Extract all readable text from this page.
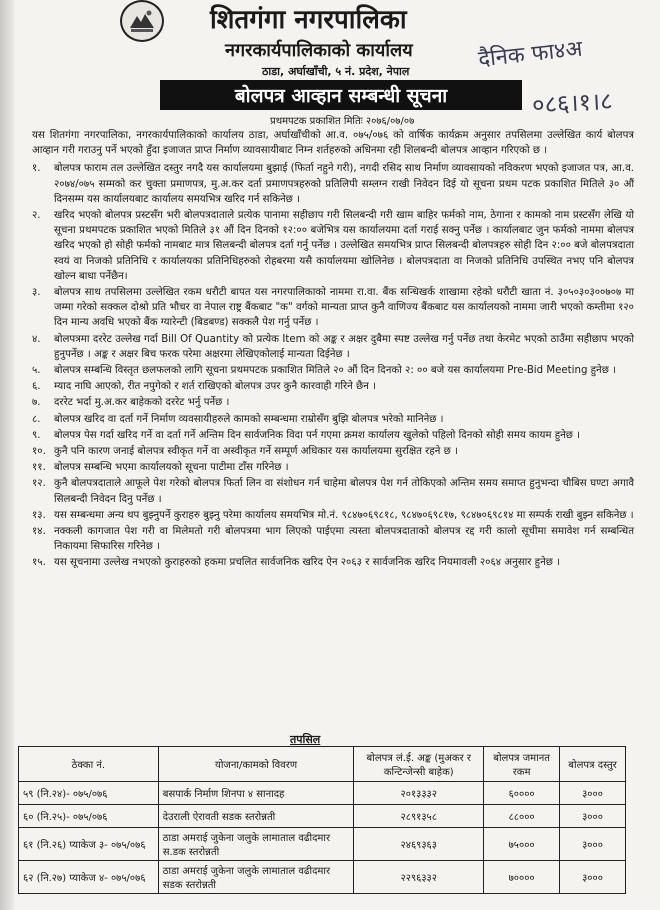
शितगंगा नगरपालिका
नगरकार्यपालिकाको कार्यालय
ठाडा, अर्घाखाँची, ५ नं. प्रदेश, नेपाल	दैनिक फा४अ
०८६।१।८
बोलपत्र आव्हान सम्बन्धी सूचना
प्रथमपटक प्रकाशित मितिः २०७६/०७/०७

यस शितगंगा नगरपालिका, नगरकार्यपालिकाको कार्यालय ठाडा, अर्घाखाँचीको आ.व. ०७५/०७६ को वार्षिक कार्यक्रम अनुसार तपसिलमा उल्लेखित कार्य बोलपत्र आव्हान गरी गराउनु पर्ने भएको हुँदा इजाजत प्राप्त निर्माण व्यावसायीबाट निम्न शर्तहरुको अधिनमा रही शिलबन्दी बोलपत्र आव्हान गरिएको छ ।

१.	बोलपत्र फाराम तल उल्लेखित दस्तुर नगदै यस कार्यालयमा बुझाई (फिर्ता नहुने गरी), नगदी रसिद साथ निर्माण व्यावसायको नविकरण भएको इजाजत पत्र, आ.व. २०७४/०७५ सम्मको कर चुक्ता प्रमाणपत्र, मु.अ.कर दर्ता प्रमाणपत्रहरुको प्रतिलिपी सम्लग्न राखी निवेदन दिई यो सूचना प्रथम पटक प्रकाशित मितिले ३० औं दिनसम्म यस कार्यालयबाट कार्यालय समयभित्र खरिद गर्न सकिनेछ ।
२.	खरिद भएको बोलपत्र प्रस्टसँग भरी बोलपत्रदाताले प्रत्येक पानामा सहीछाप गरी सिलबन्दी गरी खाम बाहिर फर्मको नाम, ठेगाना र कामको नाम प्रस्टसँग लेखि यो सूचना प्रथमपटक प्रकाशित भएको मितिले ३१ औं दिन दिनको १२:०० बजेभित्र यस कार्यालयमा दर्ता गराई सक्नु पर्नेछ । कार्यालबाट जुन फर्मको नाममा बोलपत्र खरिद भएको हो सोही फर्मको नामबाट मात्र सिलबन्दी बोलपत्र दर्ता गर्नु पर्नेछ । उल्लेखित समयभित्र प्राप्त सिलबन्दी बोलपत्रहरु सोही दिन २:०० बजे बोलपत्रदाता स्वयं वा निजको प्रतिनिधि र कार्यालयका प्रतिनिधिहरुको रोहबरमा यसै कार्यालयमा खोलिनेछ । बोलपत्रदाता वा निजको प्रतिनिधि उपस्थित नभए पनि बोलपत्र खोल्न बाधा पर्नेछैन।
३.	बोलपत्र साथ तपसिलमा उल्लेखित रकम धरौटी बापत यस नगरपालिकाको नाममा रा.वा. बैंक सन्धिखर्क शाखामा रहेको धरौटी खाता नं. ३०५०३०३००७०७ मा जम्मा गरेको सक्कल दोश्रो प्रति भौचर वा नेपाल राष्ट्र बैंकबाट "क" वर्गको मान्यता प्राप्त कुनै वाणिज्य बैंकबाट यस कार्यालयको नाममा जारी भएको कम्तीमा १२० दिन मान्य अवधि भएको बैंक ग्यारेन्टी (बिडबण्ड) सक्कलै पेश गर्नु पर्नेछ ।
४.	बोलपत्रमा दररेट उल्लेख गर्दा Bill Of Quantity को प्रत्येक Item को अङ्क र अक्षर दुबैमा स्पष्ट उल्लेख गर्नु पर्नेछ तथा केरमेट भएको ठाउँमा सहीछाप भएको हुनुपर्नेछ । अङ्क र अक्षर बिच फरक परेमा अक्षरमा लेखिएकोलाई मान्यता दिईनेछ ।
५.	बोलपत्र सम्बन्धि विस्तृत छलफलको लागि सूचना प्रथमपटक प्रकाशित मितिले २० औं दिन दिनको २: ०० बजे यस कार्यालयमा Pre-Bid Meeting हुनेछ ।
६.	म्याद नाघि आएको, रीत नपुगेको र शर्त राखिएको बोलपत्र उपर कुनै कारवाही गरिने छैन ।
७.	दररेट भर्दा मु.अ.कर बाहेकको दररेट भर्नु पर्नेछ ।
८.	बोलपत्र खरिद वा दर्ता गर्ने निर्माण व्यवसायीहरुले कामको सम्बन्धमा राम्रोसँग बुझि बोलपत्र भरेको मानिनेछ ।
९.	बोलपत्र पेस गर्दा खरिद गर्ने वा दर्ता गर्ने अन्तिम दिन सार्वजनिक विदा पर्न गएमा क्रमश कार्यालय खुलेको पहिलो दिनको सोही समय कायम हुनेछ ।
१०. कुनै पनि कारण जनाई बोलपत्र स्वीकृत गर्ने वा अस्वीकृत गर्ने सम्पूर्ण अधिकार यस कार्यालयमा सुरक्षित रहने छ ।
११. बोलपत्र सम्बन्धि भएमा कार्यालयको सूचना पाटीमा टाँस गरिनेछ ।
१२. कुनै बोलपत्रदाताले आफूले पेश गरेको बोलपत्र फिर्ता लिन वा संशोधन गर्न चाहेमा बोलपत्र पेश गर्न तोकिएको अन्तिम समय समाप्त हुनुभन्दा चौबिस घण्टा अगावै सिलबन्दी निवेदन दिनु पर्नेछ ।
१३. यस सम्बन्धमा अन्य थप बुझ्नुपर्ने कुराहरु बुझ्नु परेमा कार्यालय समयभित्र मो.नं. ९८४७०६९८१८, ९८४७०६९८१७, ९८४७०६९८१४ मा सम्पर्क राखी बुझ्न सकिनेछ ।
१४. नक्कली कागजात पेश गरी वा मिलेमतो गरी बोलपत्रमा भाग लिएको पाईएमा त्यस्ता बोलपत्रदाताको बोलपत्र रद्द गरी कालो सूचीमा समावेश गर्न सम्बन्धित निकायमा सिफारिस गरिनेछ ।
१५. यस सूचनामा उल्लेख नभएको कुराहरुको हकमा प्रचलित सार्वजनिक खरिद ऐन २०६३ र सार्वजनिक खरिद नियमावली २०६४ अनुसार हुनेछ ।
तपसिल
ठेक्का नं.	योजना/कामको विवरण	बोलपत्र लं.ई. अङ्क (मुअकर र कन्टिन्जेन्सी बाहेक)	बोलपत्र जमानत रकम	बोलपत्र दस्तुर
५९ (नि.२४)- ०७५/०७६	बसपार्क निर्माण शिनपा ४ सानादह	२०१३३३२	६००००	३०००
६० (नि.२५)- ०७५/०७६	देउराली ऐरावती सडक स्तरोन्नती	२८९१३५८	८८०००	३०००
६१ (नि.२६) प्याकेज ३- ०७५/०७६	ठाडा अमराई जुकेना जलुके लामाताल वढीदमार स.डक स्तरोन्नती	२४६९३६३	७५०००	३०००
६२ (नि.२७) प्याकेज ४- ०७५/०७६	ठाडा अमराई जुकेना जलुके लामाताल वढीदमार सडक स्तरोन्नती	२२९६३३२	७००००	३०००
